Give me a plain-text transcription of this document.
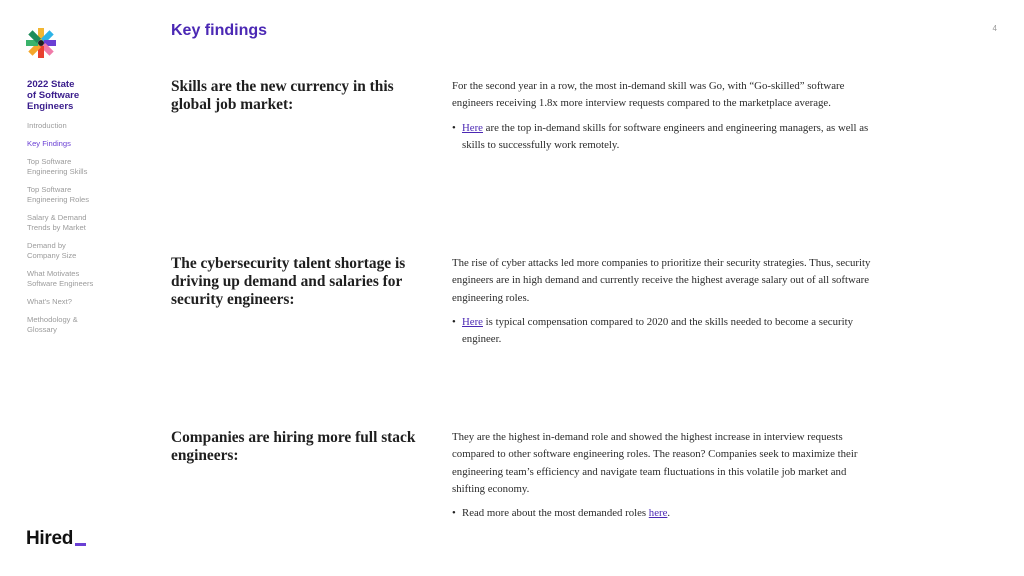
2022 State
of Software
Engineers
Introduction
Key Findings
Top Software
Engineering Skills
Top Software
Engineering Roles
Salary & Demand
Trends by Market
Demand by
Company Size
What Motivates
Software Engineers
What's Next?
Methodology &
Glossary
Key findings	4
Skills are the new currency in this global job market:

For the second year in a row, the most in-demand skill was Go, with “Go-skilled” software engineers receiving 1.8x more interview requests compared to the marketplace average.

• Here are the top in-demand skills for software engineers and engineering managers, as well as skills to successfully work remotely.
The cybersecurity talent shortage is driving up demand and salaries for security engineers:

The rise of cyber attacks led more companies to prioritize their security strategies. Thus, security engineers are in high demand and currently receive the highest average salary out of all software engineering roles.

• Here is typical compensation compared to 2020 and the skills needed to become a security engineer.
Companies are hiring more full stack engineers:

They are the highest in-demand role and showed the highest increase in interview requests compared to other software engineering roles. The reason? Companies seek to maximize their engineering team’s efficiency and navigate team fluctuations in this volatile job market and shifting economy.

• Read more about the most demanded roles here.
Hired
